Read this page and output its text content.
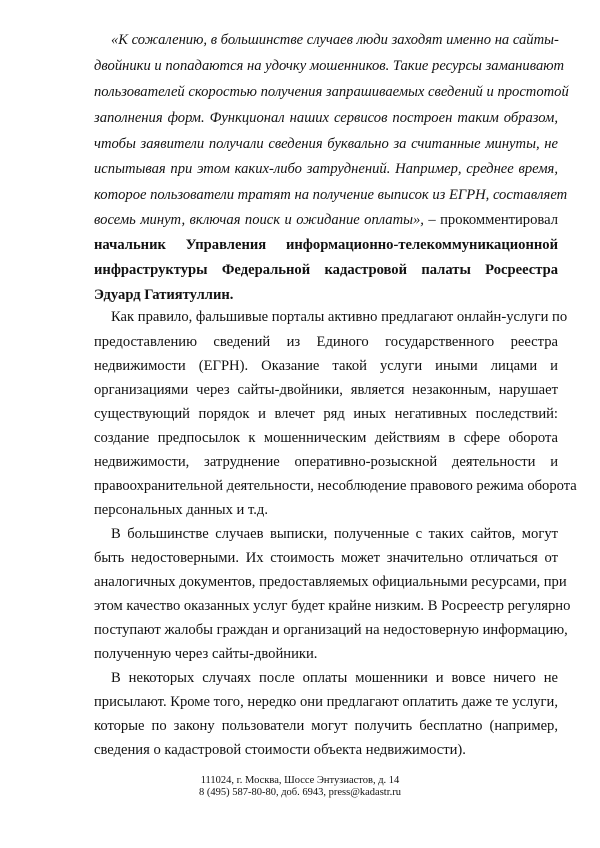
«К сожалению, в большинстве случаев люди заходят именно на сайты-
двойники и попадаются на удочку мошенников. Такие ресурсы заманивают
пользователей скоростью получения запрашиваемых сведений и простотой
заполнения форм. Функционал наших сервисов построен таким образом,
чтобы заявители получали сведения буквально за считанные минуты, не
испытывая при этом каких-либо затруднений. Например, среднее время,
которое пользователи тратят на получение выписок из ЕГРН, составляет
восемь минут, включая поиск и ожидание оплаты», – прокомментировал
начальник Управления информационно-телекоммуникационной
инфраструктуры Федеральной кадастровой палаты Росреестра
Эдуард Гатиятуллин.
Как правило, фальшивые порталы активно предлагают онлайн-услуги по
предоставлению сведений из Единого государственного реестра
недвижимости (ЕГРН). Оказание такой услуги иными лицами и
организациями через сайты-двойники, является незаконным, нарушает
существующий порядок и влечет ряд иных негативных последствий:
создание предпосылок к мошенническим действиям в сфере оборота
недвижимости, затруднение оперативно-розыскной деятельности и
правоохранительной деятельности, несоблюдение правового режима оборота
персональных данных и т.д.
В большинстве случаев выписки, полученные с таких сайтов, могут
быть недостоверными. Их стоимость может значительно отличаться от
аналогичных документов, предоставляемых официальными ресурсами, при
этом качество оказанных услуг будет крайне низким. В Росреестр регулярно
поступают жалобы граждан и организаций на недостоверную информацию,
полученную через сайты-двойники.
В некоторых случаях после оплаты мошенники и вовсе ничего не
присылают. Кроме того, нередко они предлагают оплатить даже те услуги,
которые по закону пользователи могут получить бесплатно (например,
сведения о кадастровой стоимости объекта недвижимости).
111024, г. Москва, Шоссе Энтузиастов, д. 14
8 (495) 587-80-80, доб. 6943, press@kadastr.ru
